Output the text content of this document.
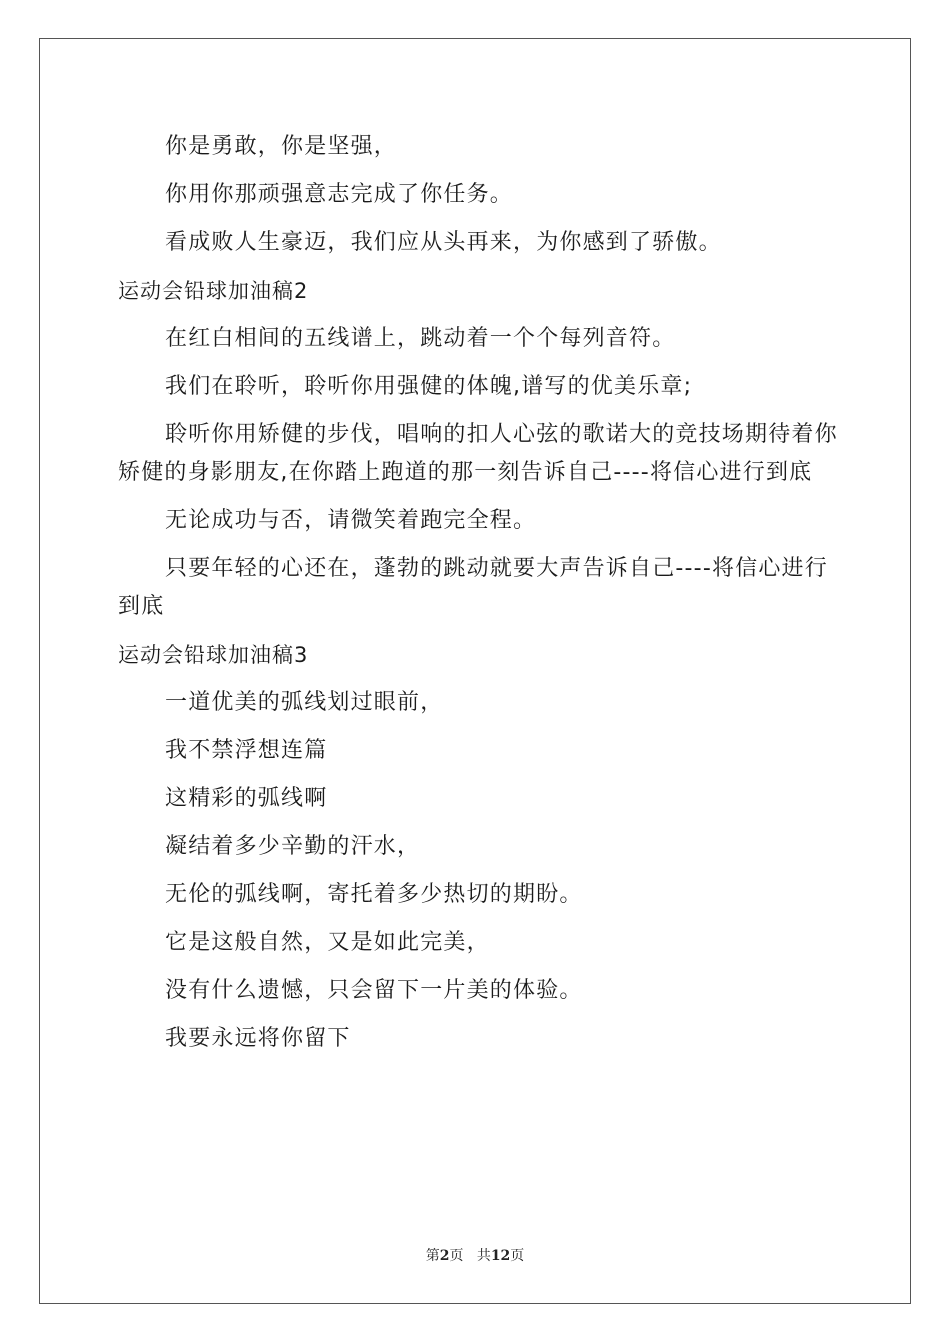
你是勇敢，你是坚强，

你用你那顽强意志完成了你任务。

看成败人生豪迈，我们应从头再来，为你感到了骄傲。

运动会铅球加油稿2

在红白相间的五线谱上，跳动着一个个每列音符。

我们在聆听，聆听你用强健的体魄,谱写的优美乐章;

聆听你用矫健的步伐，唱响的扣人心弦的歌诺大的竞技场期待着你矫健的身影朋友,在你踏上跑道的那一刻告诉自己----将信心进行到底

无论成功与否，请微笑着跑完全程。

只要年轻的心还在，蓬勃的跳动就要大声告诉自己----将信心进行到底

运动会铅球加油稿3

一道优美的弧线划过眼前，

我不禁浮想连篇

这精彩的弧线啊

凝结着多少辛勤的汗水，

无伦的弧线啊，寄托着多少热切的期盼。

它是这般自然，又是如此完美，

没有什么遗憾，只会留下一片美的体验。

我要永远将你留下

第2页 共12页
